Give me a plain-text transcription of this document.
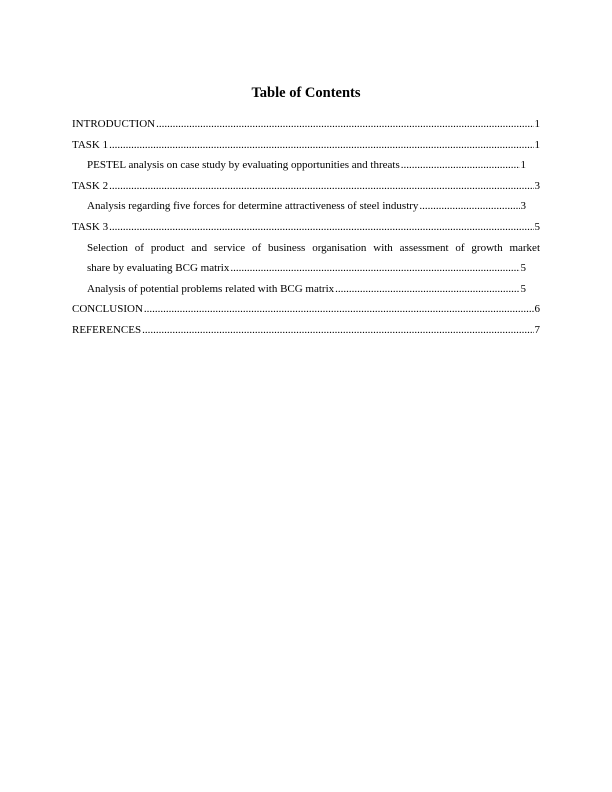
Table of Contents
INTRODUCTION .....	1
TASK 1 .....	1
PESTEL analysis on case study by evaluating opportunities and threats .....	1
TASK 2 .....	3
Analysis regarding five forces for determine attractiveness of steel industry .....	3
TASK 3 .....	5
Selection of product and service of business organisation with assessment of growth market
share by evaluating BCG matrix .....	5
Analysis of potential problems related with BCG matrix .....	5
CONCLUSION .....	6
REFERENCES .....	7
